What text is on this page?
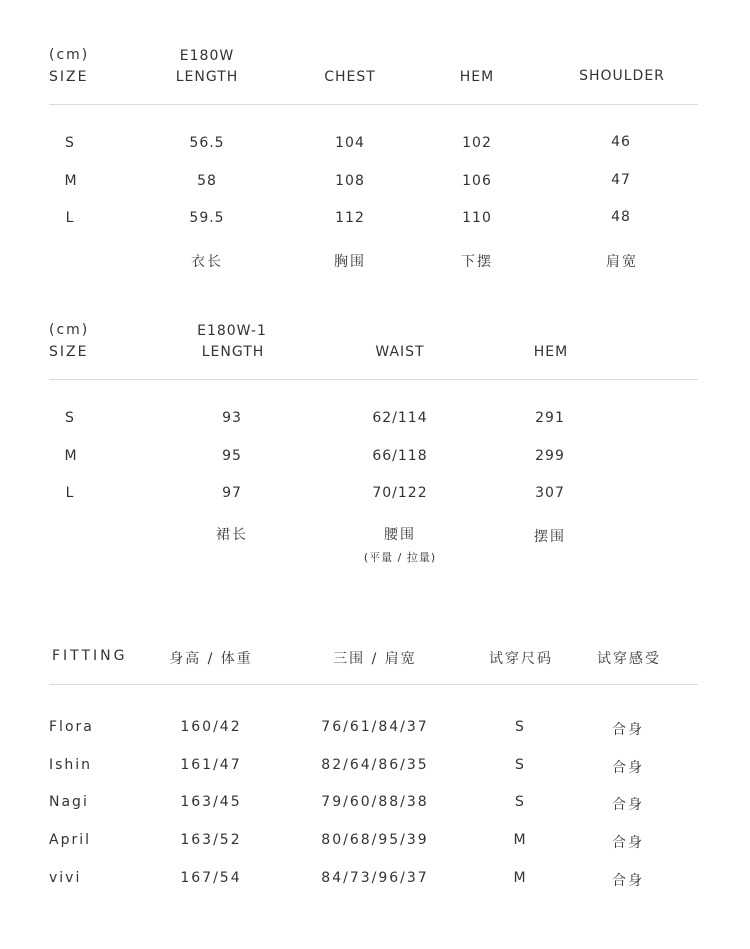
(cm)
SIZE
E180W
LENGTH	CHEST	HEM	SHOULDER
S	56.5	104	102	46
M	58	108	106	47
L	59.5	112	110	48
衣长	胸围	下摆	肩宽
(cm)
SIZE
E180W-1
LENGTH	WAIST	HEM
S	93	62/114	291
M	95	66/118	299
L	97	70/122	307
裙长	腰围	摆围
(平量 / 拉量)
FITTING	身高 / 体重	三围 / 肩宽	试穿尺码	试穿感受
Flora	160/42	76/61/84/37	S	合身
Ishin	161/47	82/64/86/35	S	合身
Nagi	163/45	79/60/88/38	S	合身
April	163/52	80/68/95/39	M	合身
vivi	167/54	84/73/96/37	M	合身
